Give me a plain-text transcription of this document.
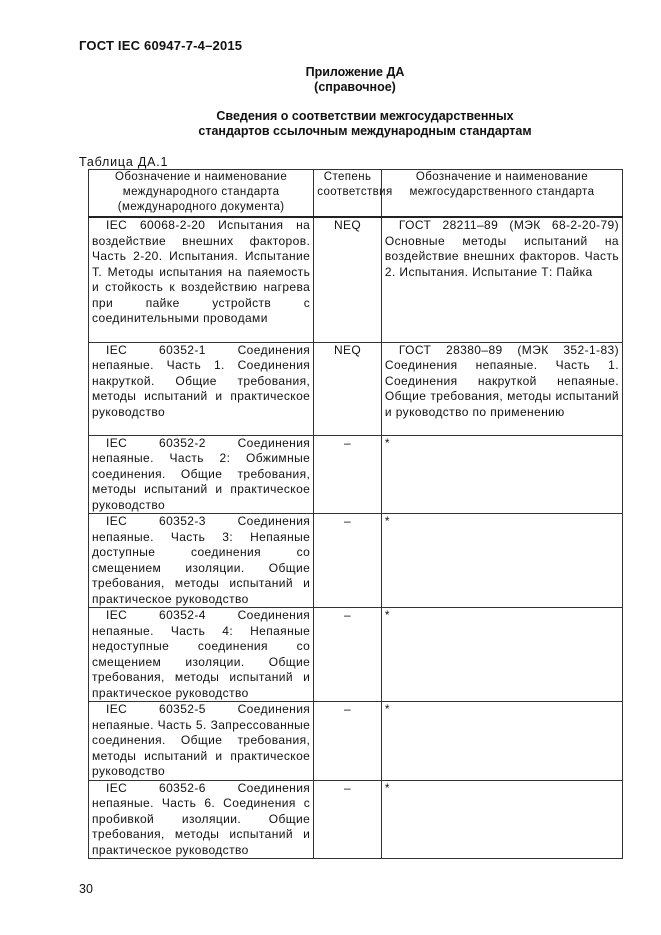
ГОСТ IEC 60947-7-4–2015
Приложение ДА
(справочное)
Сведения о соответствии межгосударственных
стандартов ссылочным международным стандартам
Таблица ДА.1
Обозначение и наименование международного стандарта (международного документа)	Степень соответствия	Обозначение и наименование межгосударственного стандарта

IEC 60068-2-20 Испытания на воздействие внешних факторов. Часть 2-20. Испытания. Испытание Т. Методы испытания на паяемость и стойкость к воздействию нагрева при пайке устройств с соединительными проводами	NEQ	ГОСТ 28211–89 (МЭК 68-2-20-79) Основные методы испытаний на воздействие внешних факторов. Часть 2. Испытания. Испытание Т: Пайка

IEC 60352-1 Соединения непаяные. Часть 1. Соединения накруткой. Общие требования, методы испытаний и практическое руководство	NEQ	ГОСТ 28380–89 (МЭК 352-1-83) Соединения непаяные. Часть 1. Соединения накруткой непаяные. Общие требования, методы испытаний и руководство по применению

IEC 60352-2 Соединения непаяные. Часть 2: Обжимные соединения. Общие требования, методы испытаний и практическое руководство	–	*

IEC 60352-3 Соединения непаяные. Часть 3: Непаяные доступные соединения со смещением изоляции. Общие требования, методы испытаний и практическое руководство	–	*

IEC 60352-4 Соединения непаяные. Часть 4: Непаяные недоступные соединения со смещением изоляции. Общие требования, методы испытаний и практическое руководство	–	*

IEC 60352-5 Соединения непаяные. Часть 5. Запрессованные соединения. Общие требования, методы испытаний и практическое руководство	–	*

IEC 60352-6 Соединения непаяные. Часть 6. Соединения с пробивкой изоляции. Общие требования, методы испытаний и практическое руководство	–	*
30
